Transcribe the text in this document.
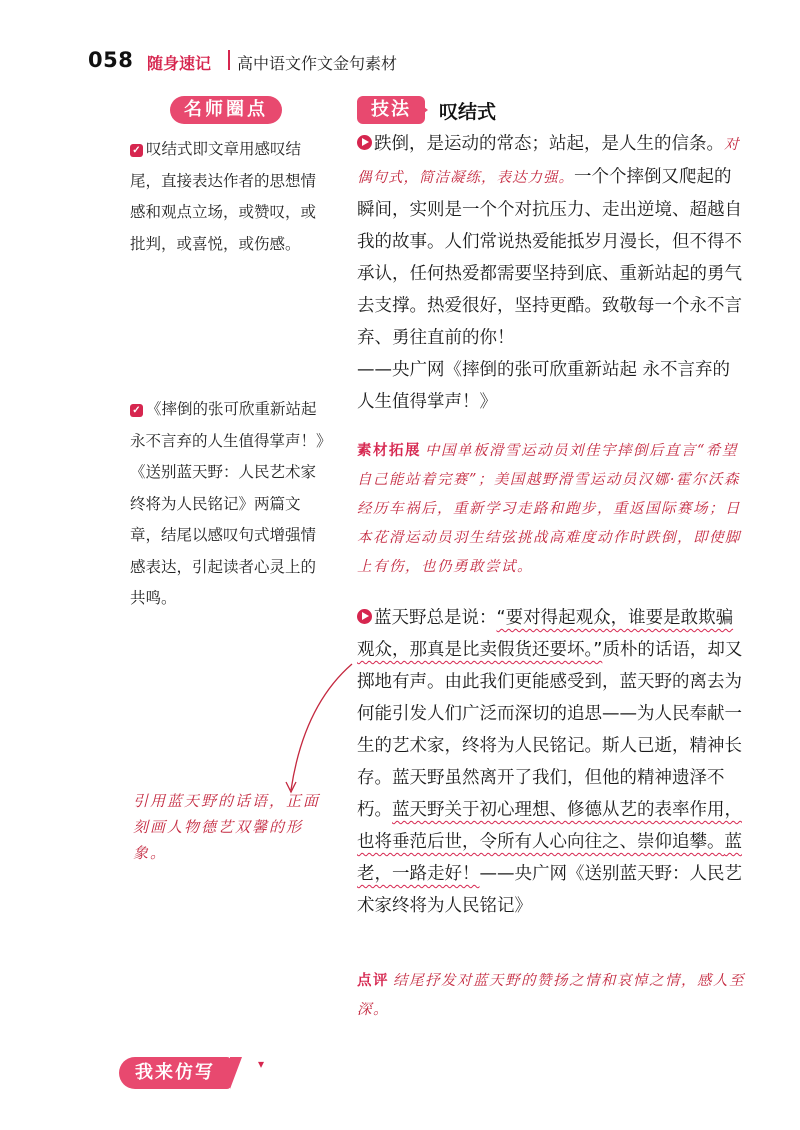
058 随身速记 高中语文作文金句素材
名师圈点
✓ 叹结式即文章用感叹结尾，直接表达作者的思想情感和观点立场，或赞叹，或批判，或喜悦，或伤感。
✓ 《摔倒的张可欣重新站起 永不言弃的人生值得掌声！》《送别蓝天野：人民艺术家终将为人民铭记》两篇文章，结尾以感叹句式增强情感表达，引起读者心灵上的共鸣。
引用蓝天野的话语，正面刻画人物德艺双馨的形象。
技法	叹结式
跌倒，是运动的常态；站起，是人生的信条。对偶句式，简洁凝练，表达力强。一个个摔倒又爬起的瞬间，实则是一个个对抗压力、走出逆境、超越自我的故事。人们常说热爱能抵岁月漫长，但不得不承认，任何热爱都需要坚持到底、重新站起的勇气去支撑。热爱很好，坚持更酷。致敬每一个永不言弃、勇往直前的你！
——央广网《摔倒的张可欣重新站起 永不言弃的人生值得掌声！》
素材拓展 中国单板滑雪运动员刘佳宇摔倒后直言“希望自己能站着完赛”；美国越野滑雪运动员汉娜·霍尔沃森经历车祸后，重新学习走路和跑步，重返国际赛场；日本花滑运动员羽生结弦挑战高难度动作时跌倒，即使脚上有伤，也仍勇敢尝试。
蓝天野总是说：“要对得起观众，谁要是敢欺骗观众，那真是比卖假货还要坏。”质朴的话语，却又掷地有声。由此我们更能感受到，蓝天野的离去为何能引发人们广泛而深切的追思——为人民奉献一生的艺术家，终将为人民铭记。斯人已逝，精神长存。蓝天野虽然离开了我们，但他的精神遗泽不朽。蓝天野关于初心理想、修德从艺的表率作用，也将垂范后世，令所有人心向往之、崇仰追攀。蓝老，一路走好！——央广网《送别蓝天野：人民艺术家终将为人民铭记》
点评 结尾抒发对蓝天野的赞扬之情和哀悼之情，感人至深。
我来仿写	▾
